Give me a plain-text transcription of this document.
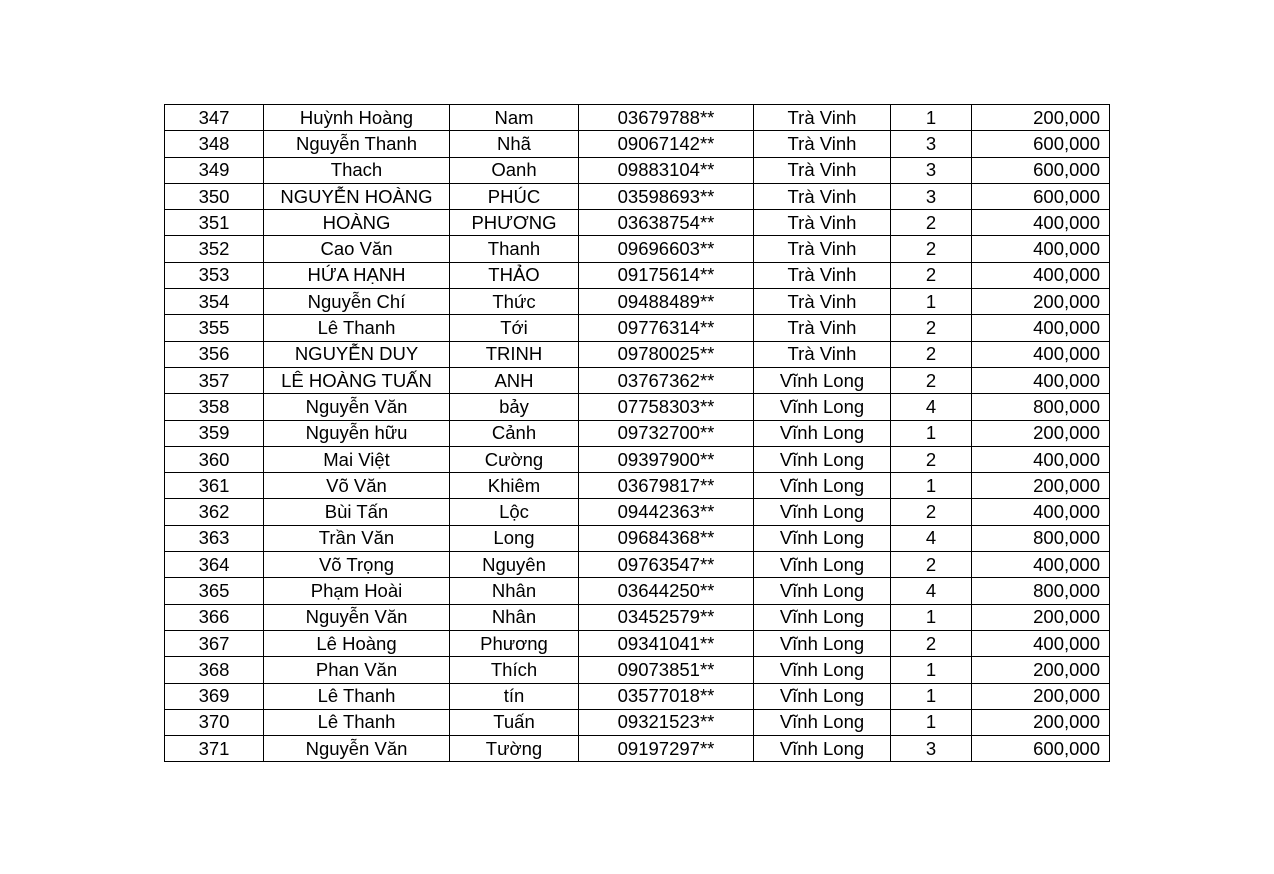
347	Huỳnh Hoàng	Nam	03679788**	Trà Vinh	1	200,000
348	Nguyễn Thanh	Nhã	09067142**	Trà Vinh	3	600,000
349	Thach	Oanh	09883104**	Trà Vinh	3	600,000
350	NGUYỄN HOÀNG	PHÚC	03598693**	Trà Vinh	3	600,000
351	HOÀNG	PHƯƠNG	03638754**	Trà Vinh	2	400,000
352	Cao Văn	Thanh	09696603**	Trà Vinh	2	400,000
353	HỨA HẠNH	THẢO	09175614**	Trà Vinh	2	400,000
354	Nguyễn Chí	Thức	09488489**	Trà Vinh	1	200,000
355	Lê Thanh	Tới	09776314**	Trà Vinh	2	400,000
356	NGUYỄN DUY	TRINH	09780025**	Trà Vinh	2	400,000
357	LÊ HOÀNG TUẤN	ANH	03767362**	Vĩnh Long	2	400,000
358	Nguyễn Văn	bảy	07758303**	Vĩnh Long	4	800,000
359	Nguyễn hữu	Cảnh	09732700**	Vĩnh Long	1	200,000
360	Mai Việt	Cường	09397900**	Vĩnh Long	2	400,000
361	Võ Văn	Khiêm	03679817**	Vĩnh Long	1	200,000
362	Bùi Tấn	Lộc	09442363**	Vĩnh Long	2	400,000
363	Trần Văn	Long	09684368**	Vĩnh Long	4	800,000
364	Võ Trọng	Nguyên	09763547**	Vĩnh Long	2	400,000
365	Phạm Hoài	Nhân	03644250**	Vĩnh Long	4	800,000
366	Nguyễn Văn	Nhân	03452579**	Vĩnh Long	1	200,000
367	Lê Hoàng	Phương	09341041**	Vĩnh Long	2	400,000
368	Phan Văn	Thích	09073851**	Vĩnh Long	1	200,000
369	Lê Thanh	tín	03577018**	Vĩnh Long	1	200,000
370	Lê Thanh	Tuấn	09321523**	Vĩnh Long	1	200,000
371	Nguyễn Văn	Tường	09197297**	Vĩnh Long	3	600,000
